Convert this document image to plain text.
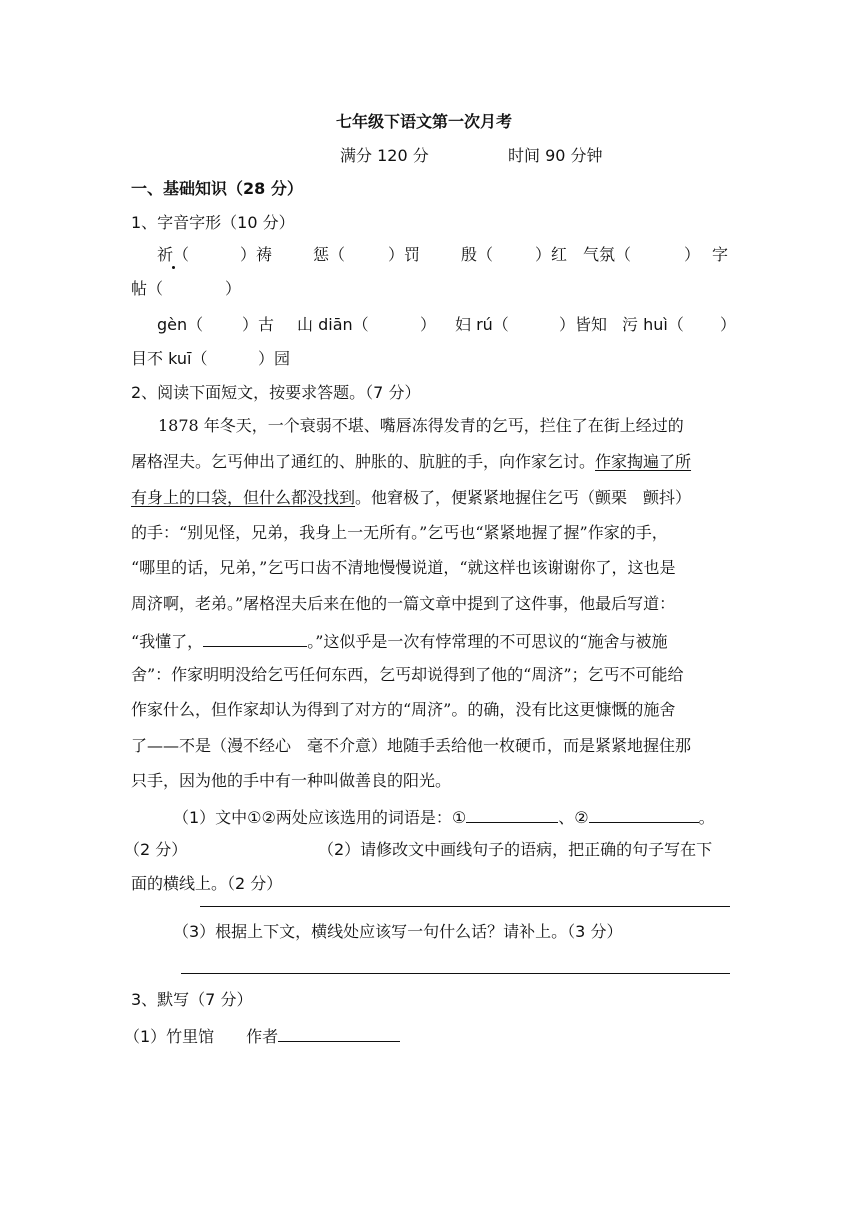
七年级下语文第一次月考
满分 120 分	时间 90 分钟
一、基础知识（28 分）
1、字音字形（10 分）
祈（	）祷	惩（	）罚	殷（	）红 气氛（	） 字
帖（	）
gèn（ ）古 山 diān（	） 妇 rú（	）皆知 污 huì（ ）
目不 kuī（	）园
2、阅读下面短文，按要求答题。（7 分）
1878 年冬天，一个衰弱不堪、嘴唇冻得发青的乞丐，拦住了在街上经过的
屠格涅夫。乞丐伸出了通红的、肿胀的、肮脏的手，向作家乞讨。作家掏遍了所
有身上的口袋，但什么都没找到。他窘极了，便紧紧地握住乞丐（颤栗　颤抖）
的手：“别见怪，兄弟，我身上一无所有。”乞丐也“紧紧地握了握”作家的手，
“哪里的话，兄弟，”乞丐口齿不清地慢慢说道，“就这样也该谢谢你了，这也是
周济啊，老弟。”屠格涅夫后来在他的一篇文章中提到了这件事，他最后写道：
“我懂了，	。”这似乎是一次有悖常理的不可思议的“施舍与被施
舍”：作家明明没给乞丐任何东西，乞丐却说得到了他的“周济”；乞丐不可能给
作家什么，但作家却认为得到了对方的“周济”。的确，没有比这更慷慨的施舍
了——不是（漫不经心　毫不介意）地随手丢给他一枚硬币，而是紧紧地握住那
只手，因为他的手中有一种叫做善良的阳光。
（1）文中①②两处应该选用的词语是：①	、②	。
（2 分）	（2）请修改文中画线句子的语病，把正确的句子写在下
面的横线上。（2 分）
（3）根据上下文，横线处应该写一句什么话？请补上。（3 分）
3、默写（7 分）
（1）竹里馆　　作者
